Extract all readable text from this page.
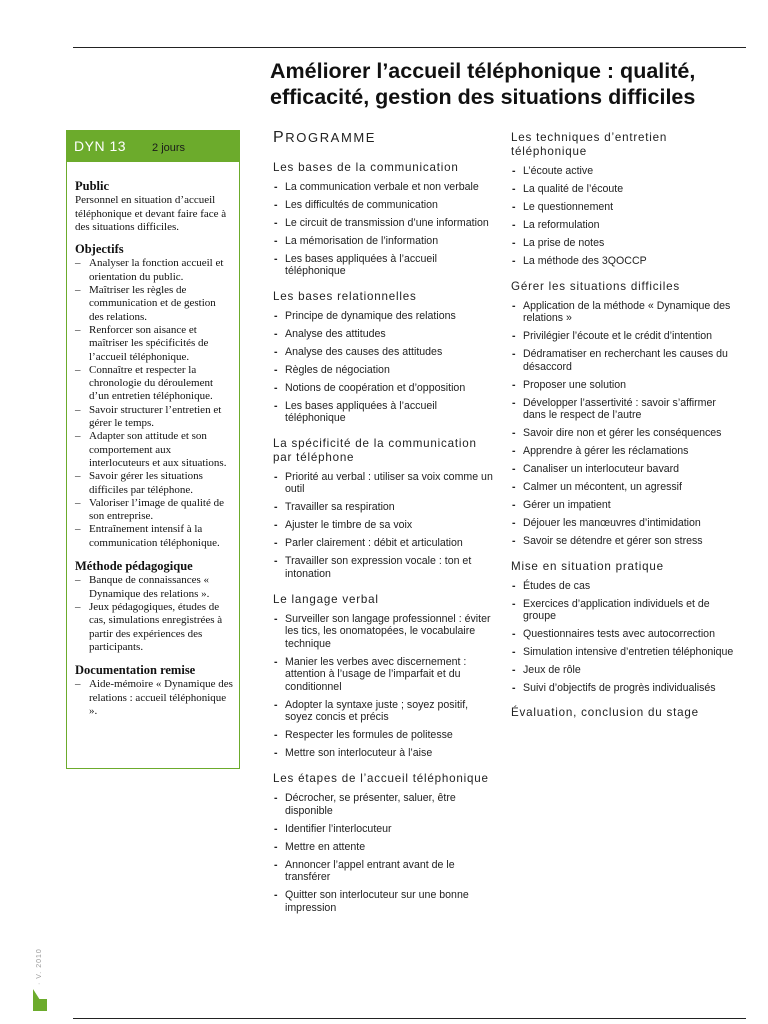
Améliorer l’accueil téléphonique : qualité, efficacité, gestion des situations difficiles
DYN 13 2 jours
Public

Personnel en situation d’accueil téléphonique et devant faire face à des situations difficiles.

Objectifs
– Analyser la fonction accueil et orientation du public.
– Maîtriser les règles de communication et de gestion des relations.
– Renforcer son aisance et maîtriser les spécificités de l’accueil téléphonique.
– Connaître et respecter la chronologie du déroulement d’un entretien téléphonique.
– Savoir structurer l’entretien et gérer le temps.
– Adapter son attitude et son comportement aux interlocuteurs et aux situations.
– Savoir gérer les situations difficiles par téléphone.
– Valoriser l’image de qualité de son entreprise.
– Entraînement intensif à la communication téléphonique.
Méthode pédagogique
– Banque de connaissances « Dynamique des relations ».
– Jeux pédagogiques, études de cas, simulations enregistrées à partir des expériences des participants.
Documentation remise
– Aide-mémoire « Dynamique des relations : accueil téléphonique ».
PROGRAMME
Les bases de la communication
- La communication verbale et non verbale
- Les difficultés de communication
- Le circuit de transmission d’une information
- La mémorisation de l’information
- Les bases appliquées à l’accueil téléphonique
Les bases relationnelles
- Principe de dynamique des relations
- Analyse des attitudes
- Analyse des causes des attitudes
- Règles de négociation
- Notions de coopération et d’opposition
- Les bases appliquées à l’accueil téléphonique
La spécificité de la communication par téléphone
- Priorité au verbal : utiliser sa voix comme un outil
- Travailler sa respiration
- Ajuster le timbre de sa voix
- Parler clairement : débit et articulation
- Travailler son expression vocale : ton et intonation
Le langage verbal
- Surveiller son langage professionnel : éviter les tics, les onomatopées, le vocabulaire technique
- Manier les verbes avec discernement : attention à l’usage de l’imparfait et du conditionnel
- Adopter la syntaxe juste ; soyez positif, soyez concis et précis
- Respecter les formules de politesse
- Mettre son interlocuteur à l’aise
Les étapes de l’accueil téléphonique
- Décrocher, se présenter, saluer, être disponible
- Identifier l’interlocuteur
- Mettre en attente
- Annoncer l’appel entrant avant de le transférer
- Quitter son interlocuteur sur une bonne impression
Les techniques d’entretien téléphonique
- L’écoute active
- La qualité de l’écoute
- Le questionnement
- La reformulation
- La prise de notes
- La méthode des 3QOCCP
Gérer les situations difficiles
- Application de la méthode « Dynamique des relations »
- Privilégier l’écoute et le crédit d’intention
- Dédramatiser en recherchant les causes du désaccord
- Proposer une solution
- Développer l’assertivité : savoir s’affirmer dans le respect de l’autre
- Savoir dire non et gérer les conséquences
- Apprendre à gérer les réclamations
- Canaliser un interlocuteur bavard
- Calmer un mécontent, un agressif
- Gérer un impatient
- Déjouer les manœuvres d’intimidation
- Savoir se détendre et gérer son stress
Mise en situation pratique
- Études de cas
- Exercices d’application individuels et de groupe
- Questionnaires tests avec autocorrection
- Simulation intensive d’entretien téléphonique
- Jeux de rôle
- Suivi d’objectifs de progrès individualisés
Évaluation, conclusion du stage
· V. 2010
